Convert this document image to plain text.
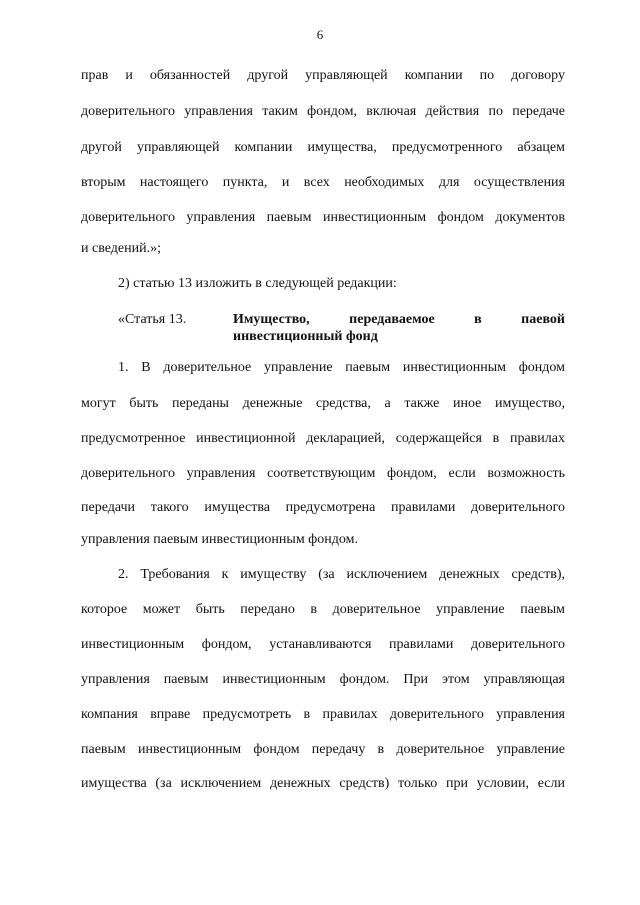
6
прав и обязанностей другой управляющей компании по договору
доверительного управления таким фондом, включая действия по передаче
другой управляющей компании имущества, предусмотренного абзацем
вторым настоящего пункта, и всех необходимых для осуществления
доверительного управления паевым инвестиционным фондом документов
и сведений.»;
2) статью 13 изложить в следующей редакции:
«Статья 13.	Имущество, передаваемое в паевой
инвестиционный фонд
1. В доверительное управление паевым инвестиционным фондом
могут быть переданы денежные средства, а также иное имущество,
предусмотренное инвестиционной декларацией, содержащейся в правилах
доверительного управления соответствующим фондом, если возможность
передачи такого имущества предусмотрена правилами доверительного
управления паевым инвестиционным фондом.
2. Требования к имуществу (за исключением денежных средств),
которое может быть передано в доверительное управление паевым
инвестиционным фондом, устанавливаются правилами доверительного
управления паевым инвестиционным фондом. При этом управляющая
компания вправе предусмотреть в правилах доверительного управления
паевым инвестиционным фондом передачу в доверительное управление
имущества (за исключением денежных средств) только при условии, если
